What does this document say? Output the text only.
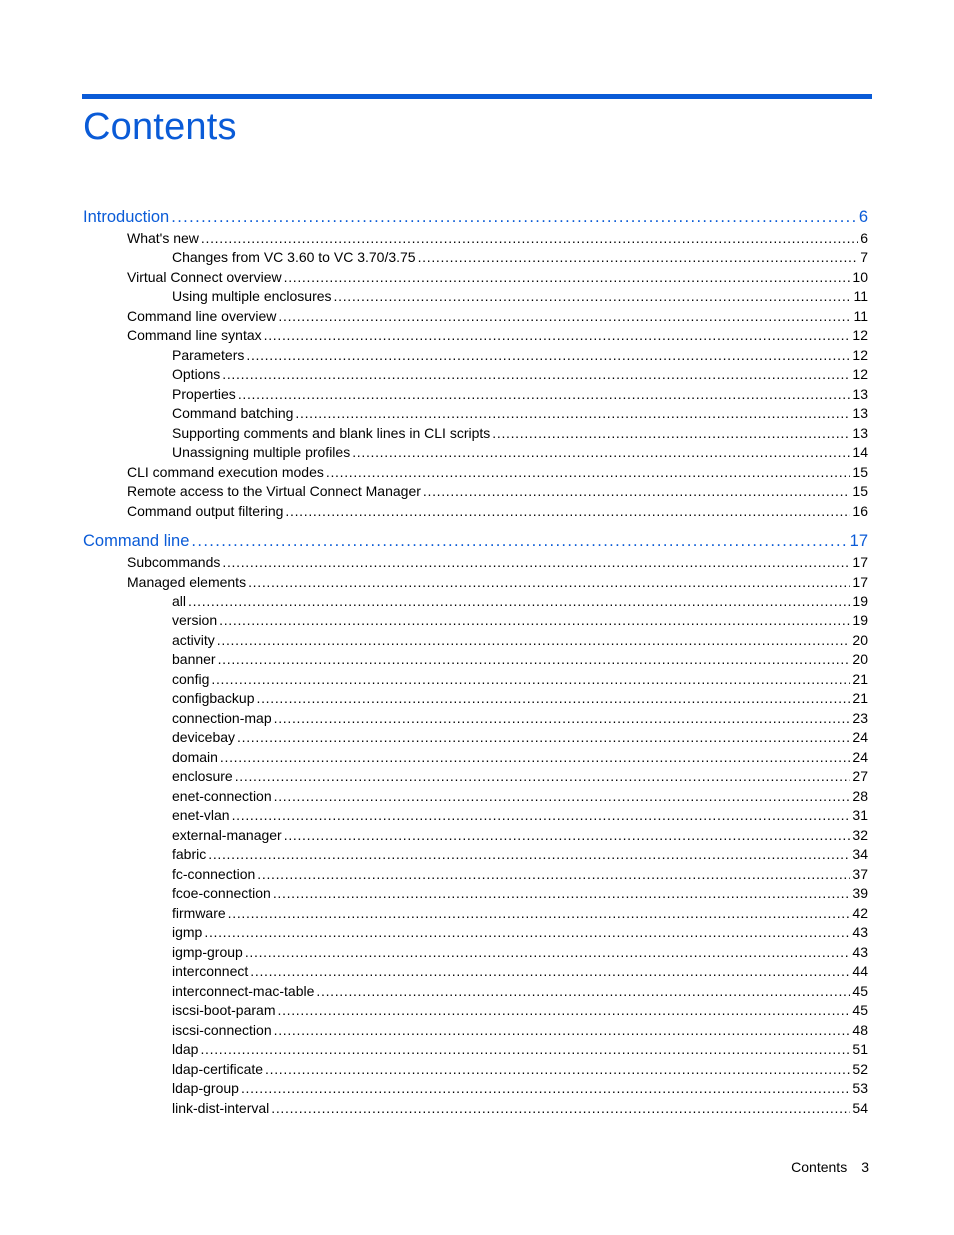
Contents
Introduction . . .	6
What's new . . .	6
Changes from VC 3.60 to VC 3.70/3.75 . . .	7
Virtual Connect overview . . .	10
Using multiple enclosures . . .	11
Command line overview . . .	11
Command line syntax . . .	12
Parameters . . .	12
Options . . .	12
Properties . . .	13
Command batching . . .	13
Supporting comments and blank lines in CLI scripts . . .	13
Unassigning multiple profiles . . .	14
CLI command execution modes . . .	15
Remote access to the Virtual Connect Manager . . .	15
Command output filtering . . .	16
Command line . . .	17
Subcommands . . .	17
Managed elements . . .	17
all . . .	19
version . . .	19
activity . . .	20
banner . . .	20
config . . .	21
configbackup . . .	21
connection-map . . .	23
devicebay . . .	24
domain . . .	24
enclosure . . .	27
enet-connection . . .	28
enet-vlan . . .	31
external-manager . . .	32
fabric . . .	34
fc-connection . . .	37
fcoe-connection . . .	39
firmware . . .	42
igmp . . .	43
igmp-group . . .	43
interconnect . . .	44
interconnect-mac-table . . .	45
iscsi-boot-param . . .	45
iscsi-connection . . .	48
ldap . . .	51
ldap-certificate . . .	52
ldap-group . . .	53
link-dist-interval . . .	54
Contents 3
